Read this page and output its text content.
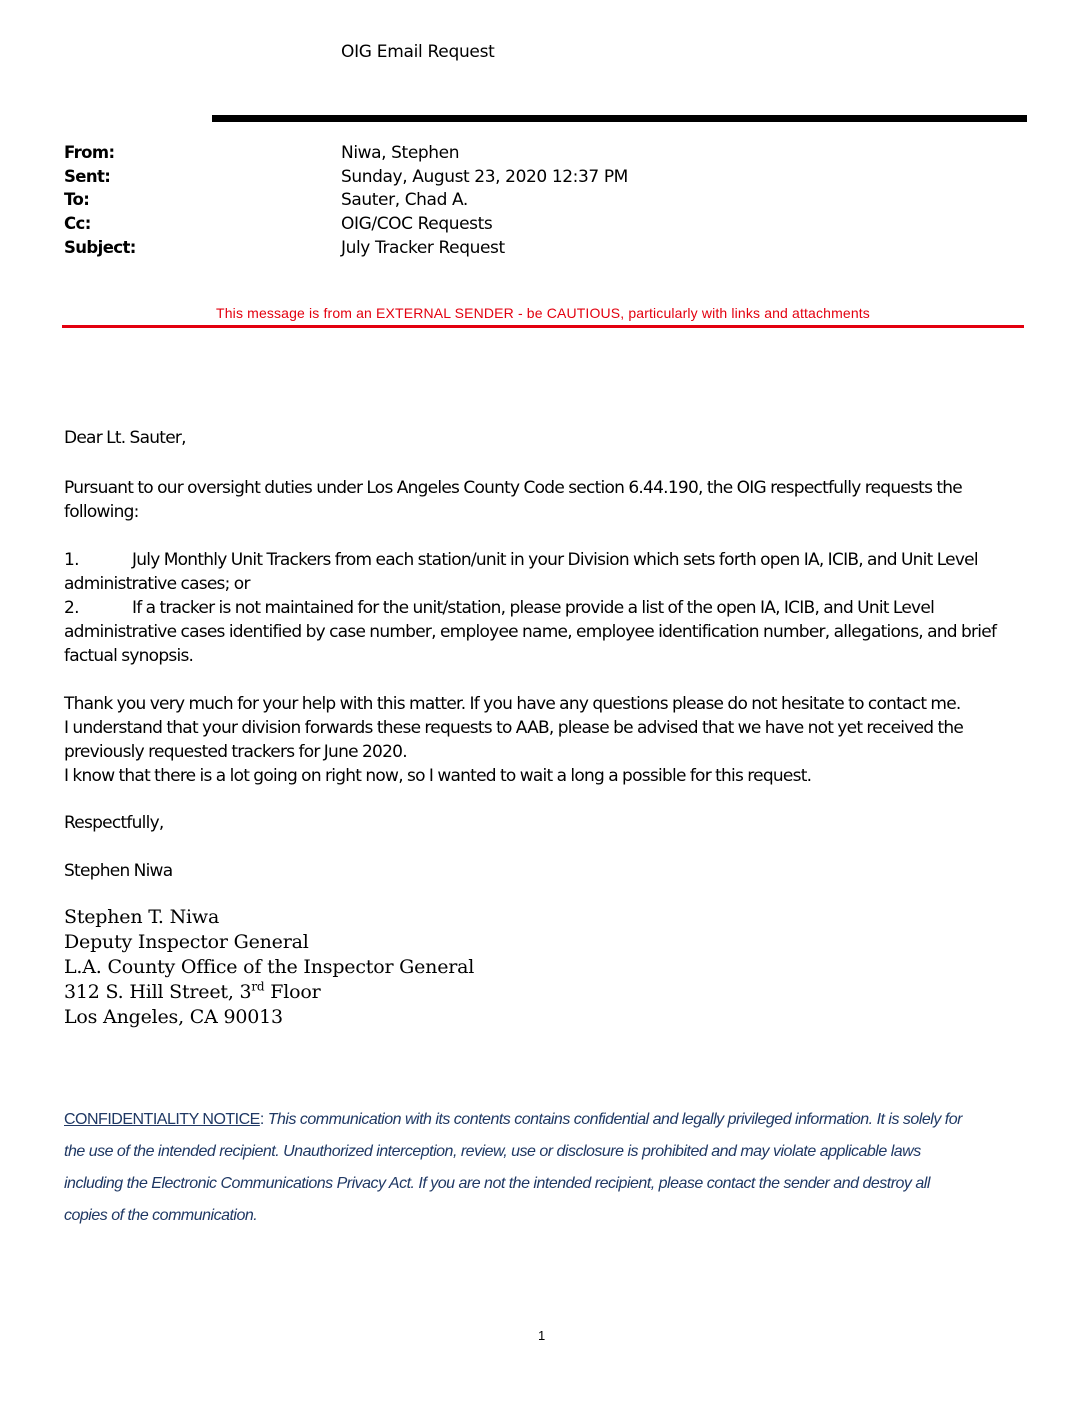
OIG Email Request
From:	Niwa, Stephen
Sent:	Sunday, August 23, 2020 12:37 PM
To:	Sauter, Chad A.
Cc:	OIG/COC Requests
Subject:	July Tracker Request
This message is from an EXTERNAL SENDER - be CAUTIOUS, particularly with links and attachments
Dear Lt. Sauter,
Pursuant to our oversight duties under Los Angeles County Code section 6.44.190, the OIG respectfully requests the following:
1.	July Monthly Unit Trackers from each station/unit in your Division which sets forth open IA, ICIB, and Unit Level administrative cases; or
2.	If a tracker is not maintained for the unit/station, please provide a list of the open IA, ICIB, and Unit Level administrative cases identified by case number, employee name, employee identification number, allegations, and brief factual synopsis.
Thank you very much for your help with this matter. If you have any questions please do not hesitate to contact me.
I understand that your division forwards these requests to AAB, please be advised that we have not yet received the previously requested trackers for June 2020.
I know that there is a lot going on right now, so I wanted to wait a long a possible for this request.
Respectfully,
Stephen Niwa
Stephen T. Niwa
Deputy Inspector General
L.A. County Office of the Inspector General
312 S. Hill Street, 3rd Floor
Los Angeles, CA 90013
CONFIDENTIALITY NOTICE: This communication with its contents contains confidential and legally privileged information. It is solely for the use of the intended recipient. Unauthorized interception, review, use or disclosure is prohibited and may violate applicable laws including the Electronic Communications Privacy Act. If you are not the intended recipient, please contact the sender and destroy all copies of the communication.
1
